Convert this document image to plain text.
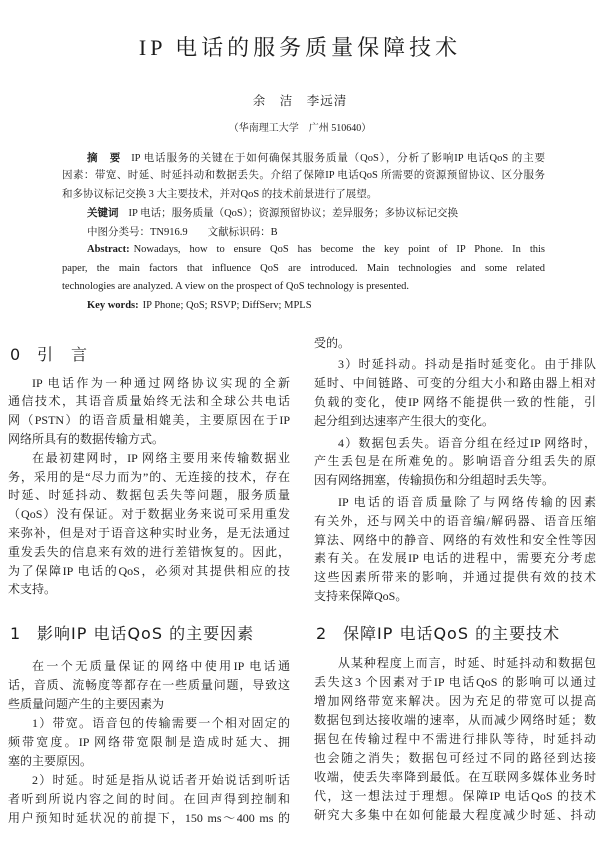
IP 电话的服务质量保障技术
余　洁　李远清
（华南理工大学　广州 510640）
摘　要 IP 电话服务的关键在于如何确保其服务质量（QoS），分析了影响IP 电话QoS 的主要
因素：带宽、时延、时延抖动和数据丢失。介绍了保障IP 电话QoS 所需要的资源预留协议、区分服务
和多协议标记交换 3 大主要技术，并对QoS 的技术前景进行了展望。
关键词 IP 电话；服务质量（QoS）；资源预留协议；差异服务；多协议标记交换
中图分类号：TN916.9 文献标识码：B
Abstract: Nowadays, how to ensure QoS has become the key point of IP Phone. In this
paper, the main factors that influence QoS are introduced. Main technologies and some related
technologies are analyzed. A view on the prospect of QoS technology is presented.
Key words: IP Phone; QoS; RSVP; DiffServ; MPLS
0 引　言
IP 电话作为一种通过网络协议实现的全新
通信技术，其语音质量始终无法和全球公共电话
网（PSTN）的语音质量相媲美，主要原因在于IP
网络所具有的数据传输方式。
在最初建网时，IP 网络主要用来传输数据业
务，采用的是“尽力而为”的、无连接的技术，存在
时延、时延抖动、数据包丢失等问题，服务质量
（QoS）没有保证。对于数据业务来说可采用重发
来弥补，但是对于语音这种实时业务，是无法通过
重发丢失的信息来有效的进行差错恢复的。因此，
为了保障IP 电话的QoS，必须对其提供相应的技
术支持。
1 影响IP 电话QoS 的主要因素
在一个无质量保证的网络中使用IP 电话通
话，音质、流畅度等都存在一些质量问题，导致这
些质量问题产生的主要因素为
1）带宽。语音包的传输需要一个相对固定的
频带宽度。IP 网络带宽限制是造成时延大、拥
塞的主要原因。
2）时延。时延是指从说话者开始说话到听话
者听到所说内容之间的时间。在回声得到控制和
用户预知时延状况的前提下，150 ms～400 ms 的
受的。
3）时延抖动。抖动是指时延变化。由于排队
延时、中间链路、可变的分组大小和路由器上相对
负载的变化，使IP 网络不能提供一致的性能，引
起分组到达速率产生很大的变化。
4）数据包丢失。语音分组在经过IP 网络时，
产生丢包是在所难免的。影响语音分组丢失的原
因有网络拥塞，传输损伤和分组超时丢失等。
IP 电话的语音质量除了与网络传输的因素
有关外，还与网关中的语音编/解码器、语音压缩
算法、网络中的静音、网络的有效性和安全性等因
素有关。在发展IP 电话的进程中，需要充分考虑
这些因素所带来的影响，并通过提供有效的技术
支持来保障QoS。
2 保障IP 电话QoS 的主要技术
从某种程度上而言，时延、时延抖动和数据包
丢失这3 个因素对于IP 电话QoS 的影响可以通过
增加网络带宽来解决。因为充足的带宽可以提高
数据包到达接收端的速率，从而减少网络时延；数
据包在传输过程中不需进行排队等待，时延抖动
也会随之消失；数据包可经过不同的路径到达接
收端，使丢失率降到最低。在互联网多媒体业务时
代，这一想法过于理想。保障IP 电话QoS 的技术
研究大多集中在如何能最大程度减少时延、抖动
